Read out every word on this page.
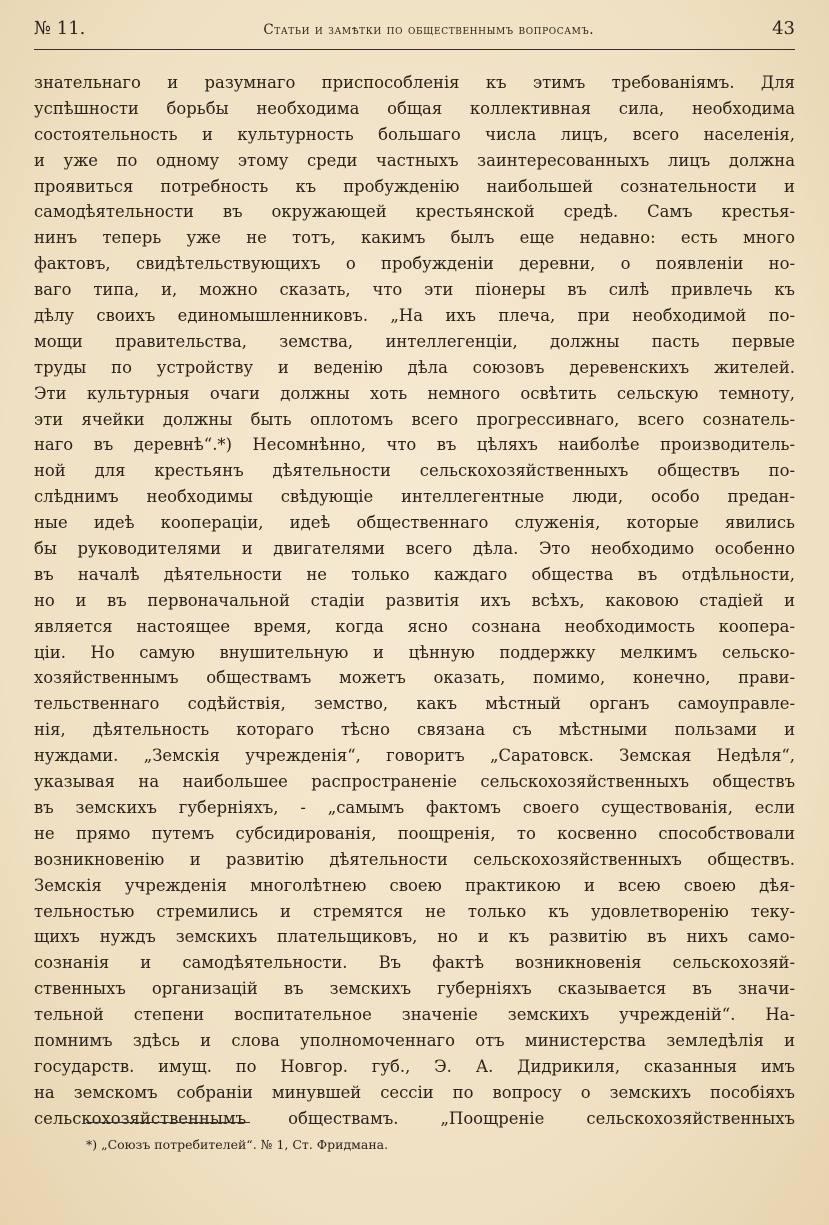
№ 11.	Статьи и замѣтки по общественнымъ вопросамъ.	43
знательнаго и разумнаго приспособленія къ этимъ требованіямъ. Для
успѣшности борьбы необходима общая коллективная сила, необходима
состоятельность и культурность большаго числа лицъ, всего населенія,
и уже по одному этому среди частныхъ заинтересованныхъ лицъ должна
проявиться потребность къ пробужденію наибольшей сознательности и
самодѣятельности въ окружающей крестьянской средѣ. Самъ крестья-
нинъ теперь уже не тотъ, какимъ былъ еще недавно: есть много
фактовъ, свидѣтельствующихъ о пробужденіи деревни, о появленіи но-
ваго типа, и, можно сказать, что эти піонеры въ силѣ привлечь къ
дѣлу своихъ единомышленниковъ. „На ихъ плеча, при необходимой по-
мощи правительства, земства, интеллегенціи, должны пасть первые
труды по устройству и веденію дѣла союзовъ деревенскихъ жителей.
Эти культурныя очаги должны хоть немного освѣтить сельскую темноту,
эти ячейки должны быть оплотомъ всего прогрессивнаго, всего сознатель-
наго въ деревнѣ“.*) Несомнѣнно, что въ цѣляхъ наиболѣе производитель-
ной для крестьянъ дѣятельности сельскохозяйственныхъ обществъ по-
слѣднимъ необходимы свѣдующіе интеллегентные люди, особо предан-
ные идеѣ коопераціи, идеѣ общественнаго служенія, которые явились
бы руководителями и двигателями всего дѣла. Это необходимо особенно
въ началѣ дѣятельности не только каждаго общества въ отдѣльности,
но и въ первоначальной стадіи развитія ихъ всѣхъ, каковою стадіей и
является настоящее время, когда ясно сознана необходимость коопера-
ціи. Но самую внушительную и цѣнную поддержку мелкимъ сельско-
хозяйственнымъ обществамъ можетъ оказать, помимо, конечно, прави-
тельственнаго содѣйствія, земство, какъ мѣстный органъ самоуправле-
нія, дѣятельность котораго тѣсно связана съ мѣстными пользами и
нуждами. „Земскія учрежденія“, говоритъ „Саратовск. Земская Недѣля“,
указывая на наибольшее распространеніе сельскохозяйственныхъ обществъ
въ земскихъ губерніяхъ, - „самымъ фактомъ своего существованія, если
не прямо путемъ субсидированія, поощренія, то косвенно способствовали
возникновенію и развитію дѣятельности сельскохозяйственныхъ обществъ.
Земскія учрежденія многолѣтнею своею практикою и всею своею дѣя-
тельностью стремились и стремятся не только къ удовлетворенію теку-
щихъ нуждъ земскихъ плательщиковъ, но и къ развитію въ нихъ само-
сознанія и самодѣятельности. Въ фактѣ возникновенія сельскохозяй-
ственныхъ организацій въ земскихъ губерніяхъ сказывается въ значи-
тельной степени воспитательное значеніе земскихъ учрежденій“. На-
помнимъ здѣсь и слова уполномоченнаго отъ министерства земледѣлія и
государств. имущ. по Новгор. губ., Э. А. Дидрикиля, сказанныя имъ
на земскомъ собраніи минувшей сессіи по вопросу о земскихъ пособіяхъ
сельскохозяйственнымъ обществамъ. „Поощреніе сельскохозяйственныхъ
*) „Союзъ потребителей“. № 1, Ст. Фридмана.
